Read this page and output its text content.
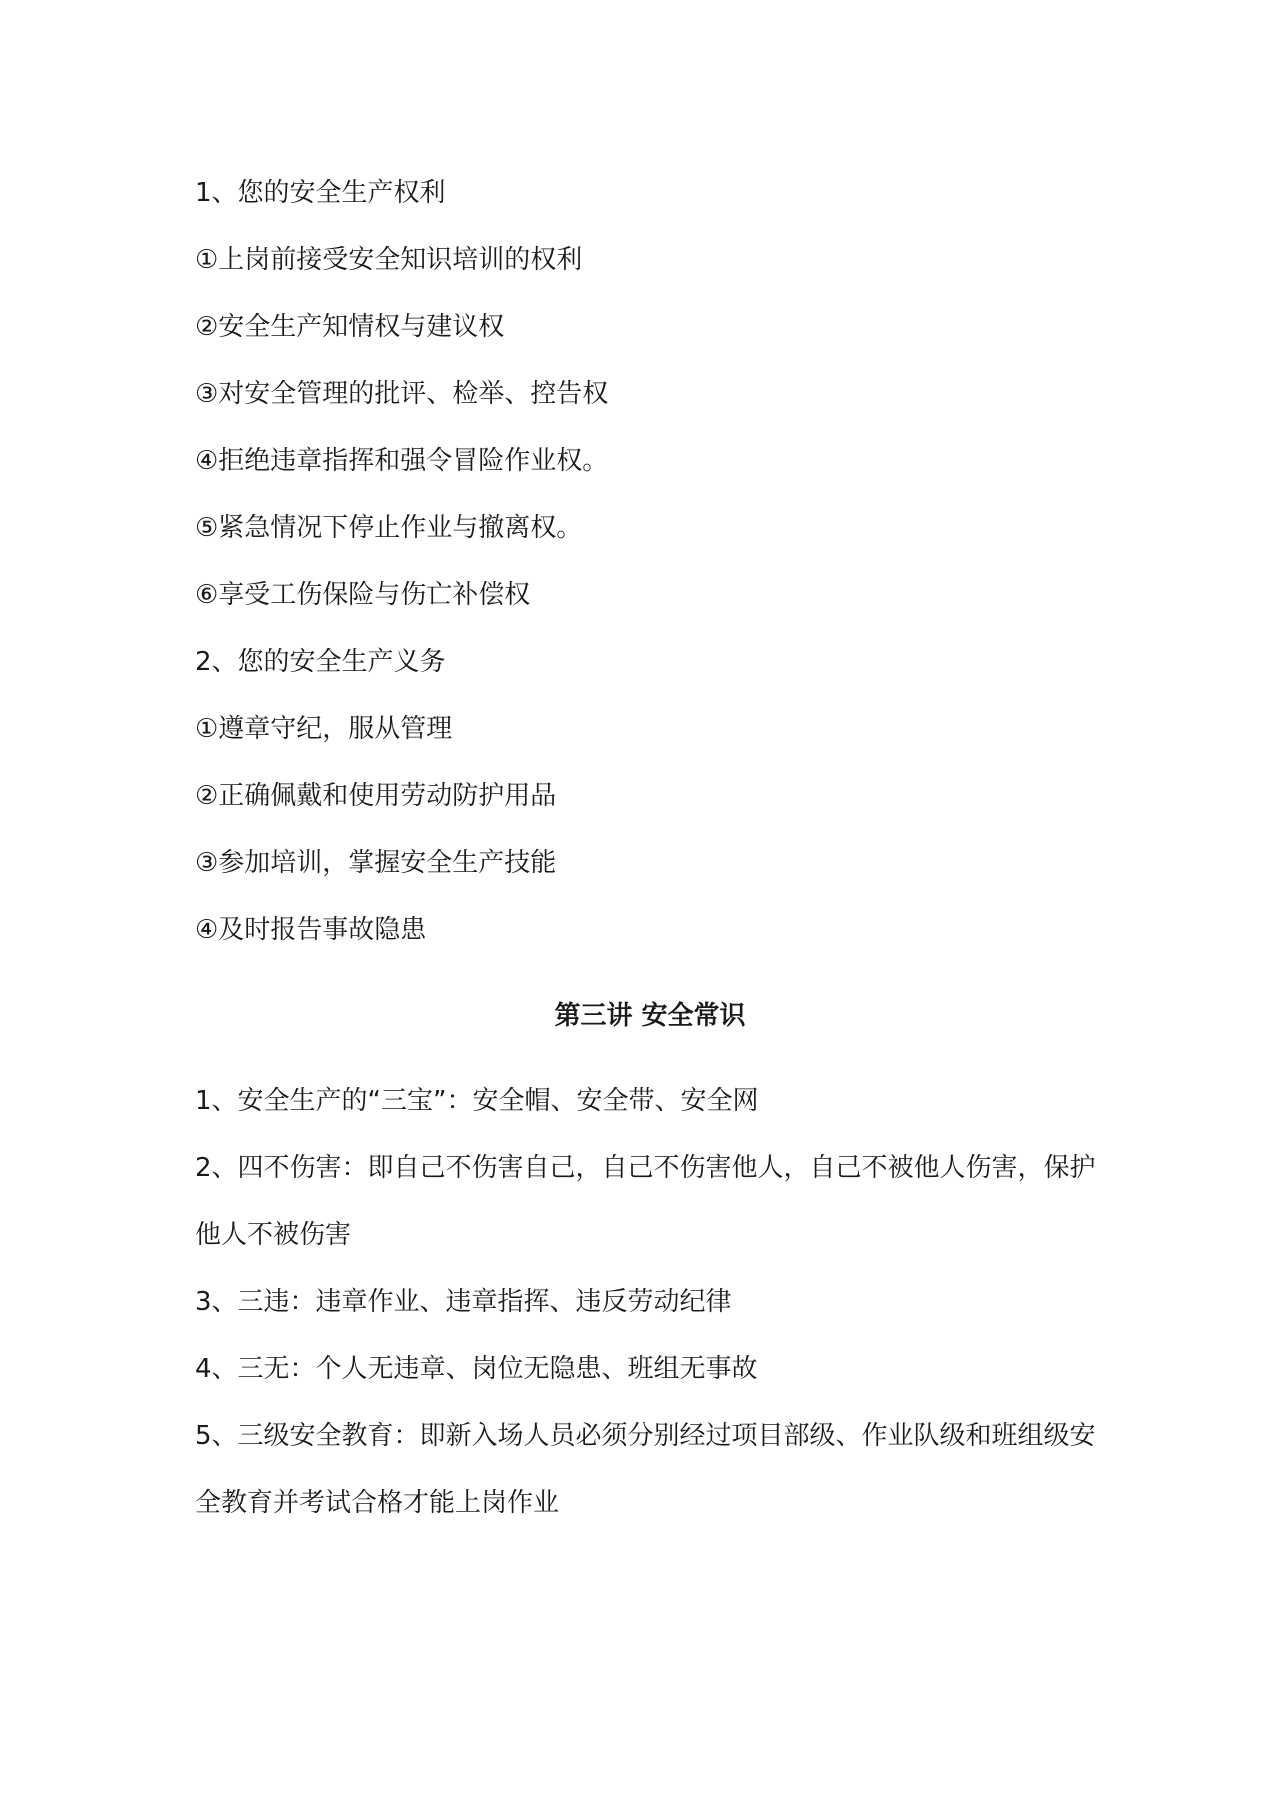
1、您的安全生产权利
①上岗前接受安全知识培训的权利
②安全生产知情权与建议权
③对安全管理的批评、检举、控告权
④拒绝违章指挥和强令冒险作业权。
⑤紧急情况下停止作业与撤离权。
⑥享受工伤保险与伤亡补偿权
2、您的安全生产义务
①遵章守纪，服从管理
②正确佩戴和使用劳动防护用品
③参加培训，掌握安全生产技能
④及时报告事故隐患
第三讲 安全常识
1、安全生产的“三宝”：安全帽、安全带、安全网
2、四不伤害：即自己不伤害自己，自己不伤害他人，自己不被他人伤害，保护他人不被伤害
3、三违：违章作业、违章指挥、违反劳动纪律
4、三无：个人无违章、岗位无隐患、班组无事故
5、三级安全教育：即新入场人员必须分别经过项目部级、作业队级和班组级安全教育并考试合格才能上岗作业
